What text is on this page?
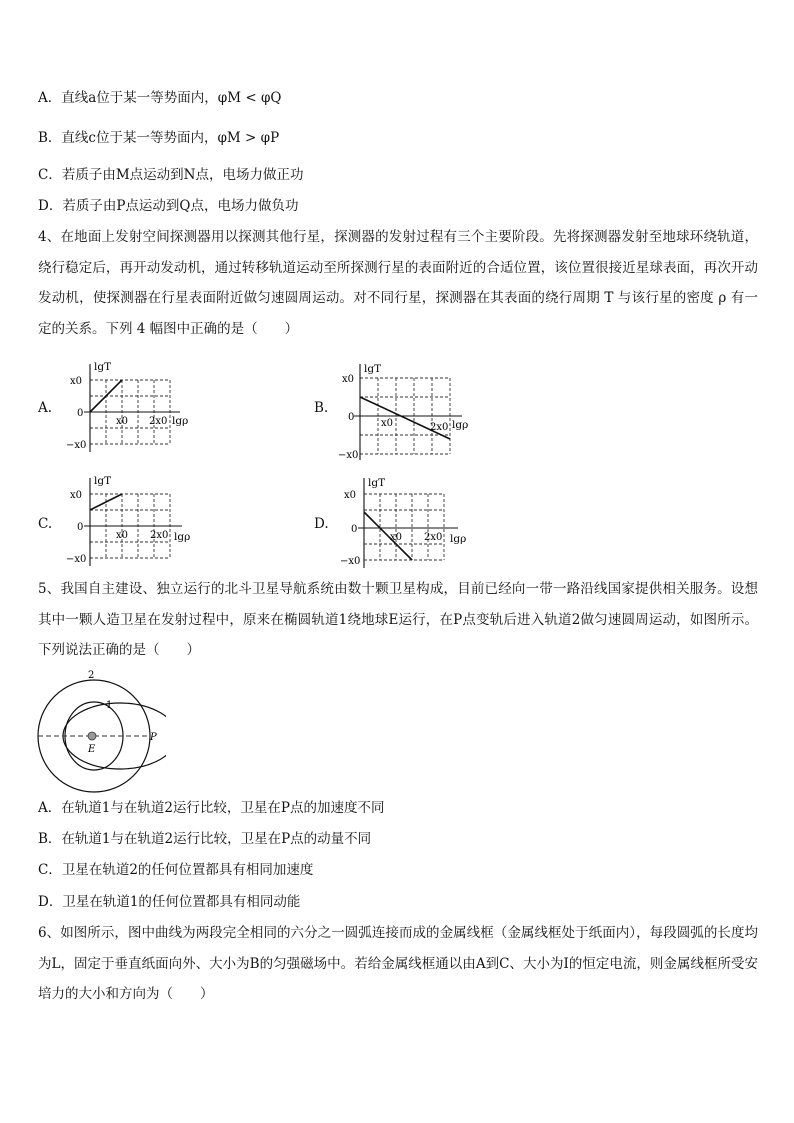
A．直线a位于某一等势面内，φM < φQ
B．直线c位于某一等势面内，φM > φP
C．若质子由M点运动到N点，电场力做正功
D．若质子由P点运动到Q点，电场力做负功
4、在地面上发射空间探测器用以探测其他行星，探测器的发射过程有三个主要阶段。先将探测器发射至地球环绕轨道，绕行稳定后，再开动发动机，通过转移轨道运动至所探测行星的表面附近的合适位置，该位置很接近星球表面，再次开动发动机，使探测器在行星表面附近做匀速圆周运动。对不同行星，探测器在其表面的绕行周期 T 与该行星的密度 ρ 有一定的关系。下列 4 幅图中正确的是（　　）
A.
lgT
lgρ
x0
0
−x0
x0 2x0
B.
lgT
lgρ
x0
0
−x0
x0	2x0
C.
lgT
lgρ
x0
0
−x0
x0 2x0
D.
lgT
lgρ
x0
0
−x0
x0 2x0
5、我国自主建设、独立运行的北斗卫星导航系统由数十颗卫星构成，目前已经向一带一路沿线国家提供相关服务。设想其中一颗人造卫星在发射过程中，原来在椭圆轨道1绕地球E运行，在P点变轨后进入轨道2做匀速圆周运动，如图所示。下列说法正确的是（　　）
2
1
E
P
A．在轨道1与在轨道2运行比较，卫星在P点的加速度不同
B．在轨道1与在轨道2运行比较，卫星在P点的动量不同
C．卫星在轨道2的任何位置都具有相同加速度
D．卫星在轨道1的任何位置都具有相同动能
6、如图所示，图中曲线为两段完全相同的六分之一圆弧连接而成的金属线框（金属线框处于纸面内），每段圆弧的长度均为L，固定于垂直纸面向外、大小为B的匀强磁场中。若给金属线框通以由A到C、大小为I的恒定电流，则金属线框所受安培力的大小和方向为（　　）
